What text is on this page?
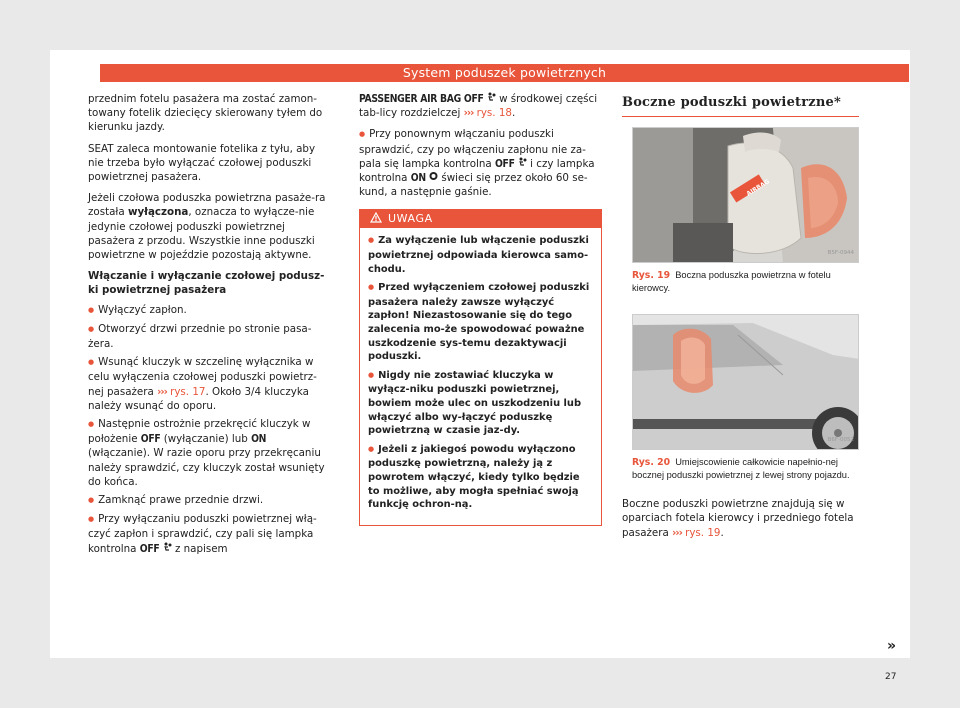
System poduszek powietrznych

przednim fotelu pasażera ma zostać zamon-towany fotelik dziecięcy skierowany tyłem do kierunku jazdy.

SEAT zaleca montowanie fotelika z tyłu, aby nie trzeba było wyłączać czołowej poduszki powietrznej pasażera.

Jeżeli czołowa poduszka powietrzna pasaże-ra została wyłączona, oznacza to wyłącze-nie jedynie czołowej poduszki powietrznej pasażera z przodu. Wszystkie inne poduszki powietrzne w pojeździe pozostają aktywne.

Włączanie i wyłączanie czołowej podusz-ki powietrznej pasażera
● Wyłączyć zapłon.
● Otworzyć drzwi przednie po stronie pasa-żera.
● Wsunąć kluczyk w szczelinę wyłącznika w celu wyłączenia czołowej poduszki powietrz-nej pasażera ››› rys. 17. Około 3/4 kluczyka należy wsunąć do oporu.
● Następnie ostrożnie przekręcić kluczyk w położenie OFF (wyłączanie) lub ON (włączanie). W razie oporu przy przekręcaniu należy sprawdzić, czy kluczyk został wsunięty do końca.
● Zamknąć prawe przednie drzwi.
● Przy wyłączaniu poduszki powietrznej włą-czyć zapłon i sprawdzić, czy pali się lampka kontrolna OFF  z napisem

PASSENGER AIR BAG OFF  w środkowej części tab-licy rozdzielczej ››› rys. 18.

● Przy ponownym włączaniu poduszki sprawdzić, czy po włączeniu zapłonu nie za-pala się lampka kontrolna OFF  i czy lampka kontrolna ON  świeci się przez około 60 se-kund, a następnie gaśnie.
UWAGA
● Za wyłączenie lub włączenie poduszki powietrznej odpowiada kierowca samo-chodu.
● Przed wyłączeniem czołowej poduszki pasażera należy zawsze wyłączyć zapłon! Niezastosowanie się do tego zalecenia mo-że spowodować poważne uszkodzenie sys-temu dezaktywacji poduszki.
● Nigdy nie zostawiać kluczyka w wyłącz-niku poduszki powietrznej, bowiem może ulec on uszkodzeniu lub włączyć albo wy-łączyć poduszkę powietrzną w czasie jaz-dy.
● Jeżeli z jakiegoś powodu wyłączono poduszkę powietrzną, należy ją z powrotem włączyć, kiedy tylko będzie to możliwe, aby mogła spełniać swoją funkcję ochron-ną.
Boczne poduszki powietrzne*
AIRBAG
B5F-0944
Rys. 19 Boczna poduszka powietrzna w fotelu kierowcy.
B6F-0052
Rys. 20 Umiejscowienie całkowicie napełnio-nej bocznej poduszki powietrznej z lewej strony pojazdu.

Boczne poduszki powietrzne znajdują się w oparciach fotela kierowcy i przedniego fotela pasażera ››› rys. 19.

»
27
